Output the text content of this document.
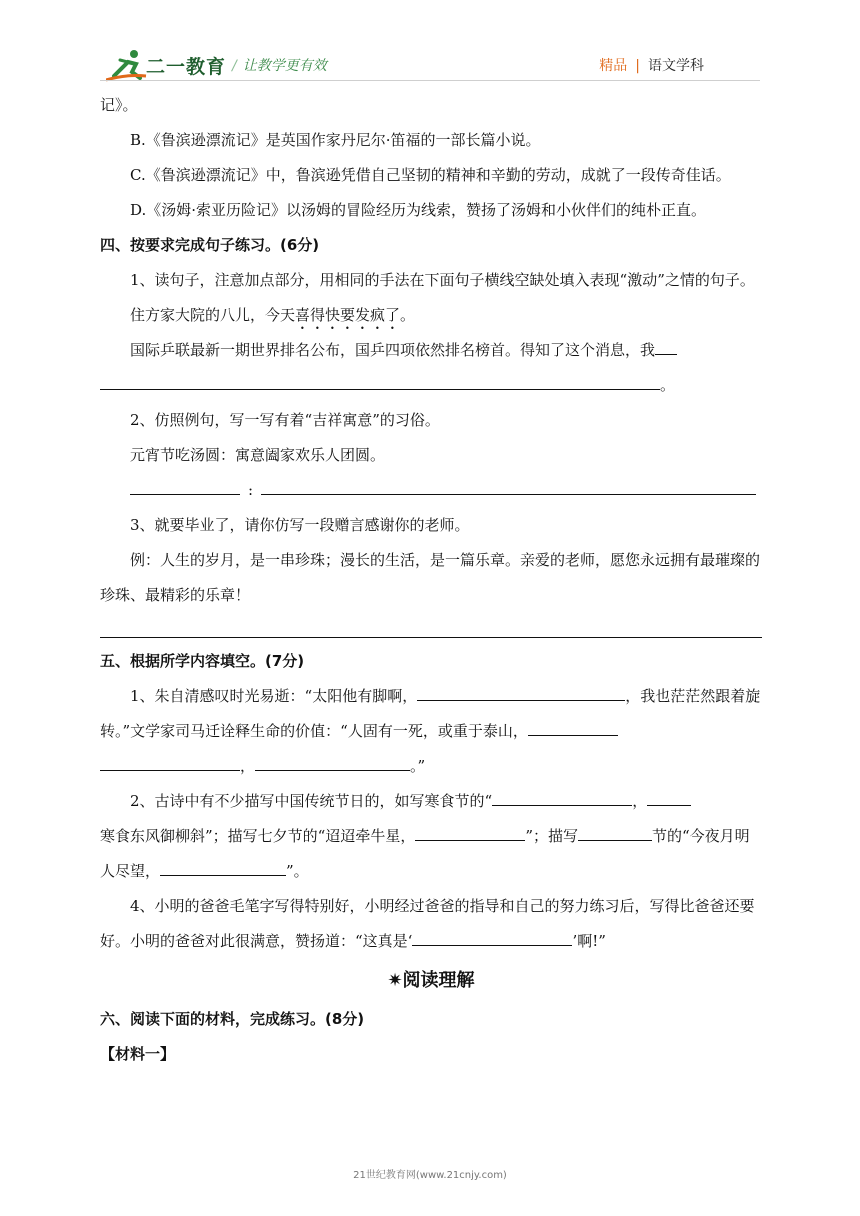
二一教育 / 让教学更有效	精品 | 语文学科

记》。

B.《鲁滨逊漂流记》是英国作家丹尼尔·笛福的一部长篇小说。

C.《鲁滨逊漂流记》中，鲁滨逊凭借自己坚韧的精神和辛勤的劳动，成就了一段传奇佳话。

D.《汤姆·索亚历险记》以汤姆的冒险经历为线索，赞扬了汤姆和小伙伴们的纯朴正直。

四、按要求完成句子练习。(6分)

1、读句子，注意加点部分，用相同的手法在下面句子横线空缺处填入表现“激动”之情的句子。

住方家大院的八儿，今天喜得快要发疯了。

国际乒联最新一期世界排名公布，国乒四项依然排名榜首。得知了这个消息，我

。

2、仿照例句，写一写有着“吉祥寓意”的习俗。

元宵节吃汤圆：寓意阖家欢乐人团圆。

:

3、就要毕业了，请你仿写一段赠言感谢你的老师。

例：人生的岁月，是一串珍珠；漫长的生活，是一篇乐章。亲爱的老师，愿您永远拥有最璀璨的珍珠、最精彩的乐章！

五、根据所学内容填空。(7分)

1、朱自清感叹时光易逝：“太阳他有脚啊，	，我也茫茫然跟着旋转。”文学家司马迁诠释生命的价值：“人固有一死，或重于泰山，
，	。”

2、古诗中有不少描写中国传统节日的，如写寒食节的“	，
寒食东风御柳斜”；描写七夕节的“迢迢牵牛星，	”；描写	节的“今夜月明人尽望，	”。

4、小明的爸爸毛笔字写得特别好，小明经过爸爸的指导和自己的努力练习后，写得比爸爸还要好。小明的爸爸对此很满意，赞扬道：“这真是‘	’啊!”

✷阅读理解

六、阅读下面的材料，完成练习。(8分)

【材料一】

21世纪教育网(www.21cnjy.com)
